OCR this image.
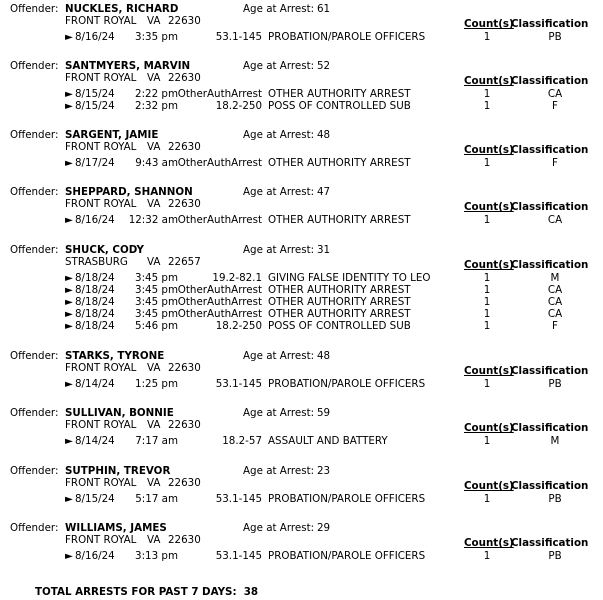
Offender: NUCKLES, RICHARD	Age at Arrest: 61
FRONT ROYAL VA 22630	Count(s)
Classification
► 8/16/24	3:35 pm	53.1-145 PROBATION/PAROLE OFFICERS	1	PB
Offender: SANTMYERS, MARVIN	Age at Arrest: 52
FRONT ROYAL VA 22630	Count(s)
Classification
► 8/15/24	2:22 pm OtherAuthArrest OTHER AUTHORITY ARREST	1	CA
► 8/15/24	2:32 pm	18.2-250 POSS OF CONTROLLED SUB	1	F
Offender: SARGENT, JAMIE	Age at Arrest: 48
FRONT ROYAL VA 22630	Count(s)
Classification
► 8/17/24	9:43 am OtherAuthArrest OTHER AUTHORITY ARREST	1	F
Offender: SHEPPARD, SHANNON	Age at Arrest: 47
FRONT ROYAL VA 22630	Count(s)
Classification
► 8/16/24	12:32 am OtherAuthArrest OTHER AUTHORITY ARREST	1	CA
Offender: SHUCK, CODY	Age at Arrest: 31
STRASBURG VA 22657	Count(s)
Classification
► 8/18/24	3:45 pm	19.2-82.1 GIVING FALSE IDENTITY TO LEO	1	M
► 8/18/24	3:45 pm OtherAuthArrest OTHER AUTHORITY ARREST	1	CA
► 8/18/24	3:45 pm OtherAuthArrest OTHER AUTHORITY ARREST	1	CA
► 8/18/24	3:45 pm OtherAuthArrest OTHER AUTHORITY ARREST	1	CA
► 8/18/24	5:46 pm	18.2-250 POSS OF CONTROLLED SUB	1	F
Offender: STARKS, TYRONE	Age at Arrest: 48
FRONT ROYAL VA 22630	Count(s)
Classification
► 8/14/24	1:25 pm	53.1-145 PROBATION/PAROLE OFFICERS	1	PB
Offender: SULLIVAN, BONNIE	Age at Arrest: 59
FRONT ROYAL VA 22630	Count(s)
Classification
► 8/14/24	7:17 am	18.2-57 ASSAULT AND BATTERY	1	M
Offender: SUTPHIN, TREVOR	Age at Arrest: 23
FRONT ROYAL VA 22630	Count(s)
Classification
► 8/15/24	5:17 am	53.1-145 PROBATION/PAROLE OFFICERS	1	PB
Offender: WILLIAMS, JAMES	Age at Arrest: 29
FRONT ROYAL VA 22630	Count(s)
Classification
► 8/16/24	3:13 pm	53.1-145 PROBATION/PAROLE OFFICERS	1	PB
TOTAL ARRESTS FOR PAST 7 DAYS: 38
